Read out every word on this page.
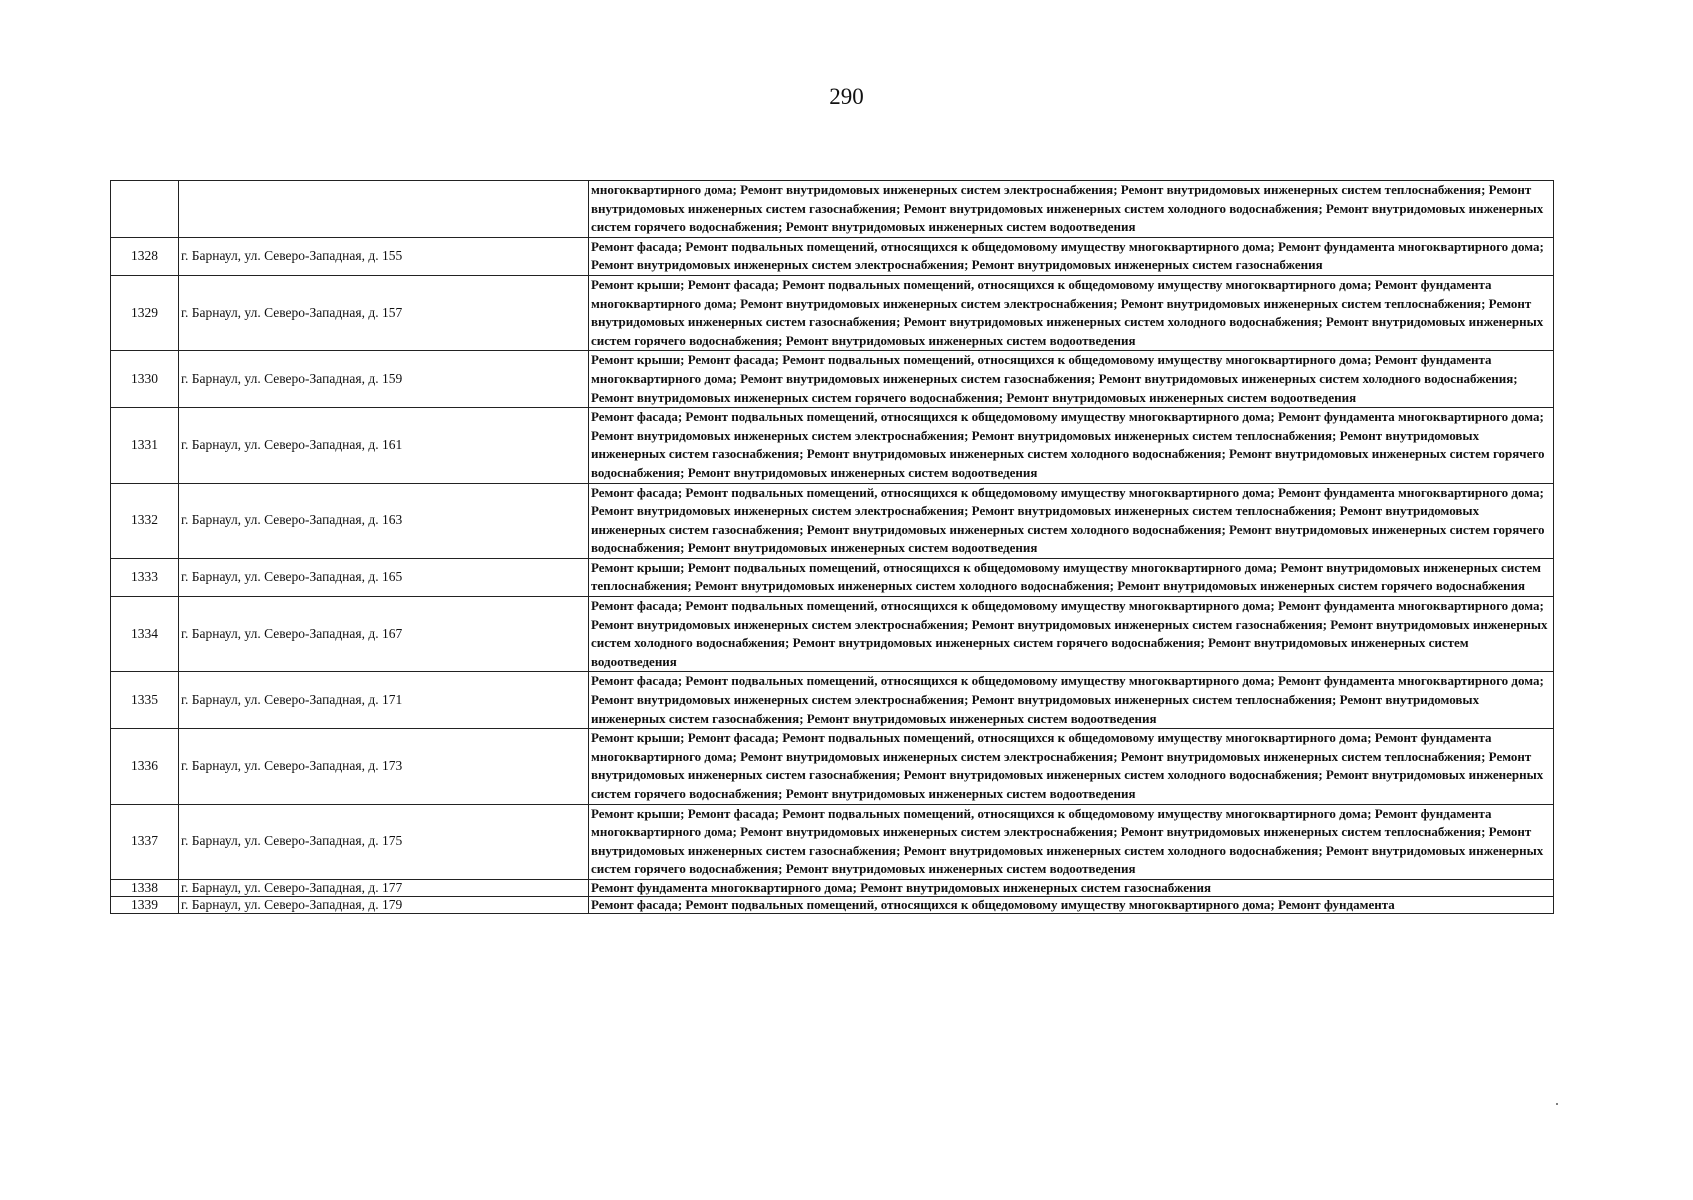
290
		многоквартирного дома; Ремонт внутридомовых инженерных систем электроснабжения; Ремонт внутридомовых инженерных систем теплоснабжения; Ремонт внутридомовых инженерных систем газоснабжения; Ремонт внутридомовых инженерных систем холодного водоснабжения; Ремонт внутридомовых инженерных систем горячего водоснабжения; Ремонт внутридомовых инженерных систем водоотведения
1328	г. Барнаул, ул. Северо-Западная, д. 155	Ремонт фасада; Ремонт подвальных помещений, относящихся к общедомовому имуществу многоквартирного дома; Ремонт фундамента многоквартирного дома; Ремонт внутридомовых инженерных систем электроснабжения; Ремонт внутридомовых инженерных систем газоснабжения
1329	г. Барнаул, ул. Северо-Западная, д. 157	Ремонт крыши; Ремонт фасада; Ремонт подвальных помещений, относящихся к общедомовому имуществу многоквартирного дома; Ремонт фундамента многоквартирного дома; Ремонт внутридомовых инженерных систем электроснабжения; Ремонт внутридомовых инженерных систем теплоснабжения; Ремонт внутридомовых инженерных систем газоснабжения; Ремонт внутридомовых инженерных систем холодного водоснабжения; Ремонт внутридомовых инженерных систем горячего водоснабжения; Ремонт внутридомовых инженерных систем водоотведения
1330	г. Барнаул, ул. Северо-Западная, д. 159	Ремонт крыши; Ремонт фасада; Ремонт подвальных помещений, относящихся к общедомовому имуществу многоквартирного дома; Ремонт фундамента многоквартирного дома; Ремонт внутридомовых инженерных систем газоснабжения; Ремонт внутридомовых инженерных систем холодного водоснабжения; Ремонт внутридомовых инженерных систем горячего водоснабжения; Ремонт внутридомовых инженерных систем водоотведения
1331	г. Барнаул, ул. Северо-Западная, д. 161	Ремонт фасада; Ремонт подвальных помещений, относящихся к общедомовому имуществу многоквартирного дома; Ремонт фундамента многоквартирного дома; Ремонт внутридомовых инженерных систем электроснабжения; Ремонт внутридомовых инженерных систем теплоснабжения; Ремонт внутридомовых инженерных систем газоснабжения; Ремонт внутридомовых инженерных систем холодного водоснабжения; Ремонт внутридомовых инженерных систем горячего водоснабжения; Ремонт внутридомовых инженерных систем водоотведения
1332	г. Барнаул, ул. Северо-Западная, д. 163	Ремонт фасада; Ремонт подвальных помещений, относящихся к общедомовому имуществу многоквартирного дома; Ремонт фундамента многоквартирного дома; Ремонт внутридомовых инженерных систем электроснабжения; Ремонт внутридомовых инженерных систем теплоснабжения; Ремонт внутридомовых инженерных систем газоснабжения; Ремонт внутридомовых инженерных систем холодного водоснабжения; Ремонт внутридомовых инженерных систем горячего водоснабжения; Ремонт внутридомовых инженерных систем водоотведения
1333	г. Барнаул, ул. Северо-Западная, д. 165	Ремонт крыши; Ремонт подвальных помещений, относящихся к общедомовому имуществу многоквартирного дома; Ремонт внутридомовых инженерных систем теплоснабжения; Ремонт внутридомовых инженерных систем холодного водоснабжения; Ремонт внутридомовых инженерных систем горячего водоснабжения
1334	г. Барнаул, ул. Северо-Западная, д. 167	Ремонт фасада; Ремонт подвальных помещений, относящихся к общедомовому имуществу многоквартирного дома; Ремонт фундамента многоквартирного дома; Ремонт внутридомовых инженерных систем электроснабжения; Ремонт внутридомовых инженерных систем газоснабжения; Ремонт внутридомовых инженерных систем холодного водоснабжения; Ремонт внутридомовых инженерных систем горячего водоснабжения; Ремонт внутридомовых инженерных систем водоотведения
1335	г. Барнаул, ул. Северо-Западная, д. 171	Ремонт фасада; Ремонт подвальных помещений, относящихся к общедомовому имуществу многоквартирного дома; Ремонт фундамента многоквартирного дома; Ремонт внутридомовых инженерных систем электроснабжения; Ремонт внутридомовых инженерных систем теплоснабжения; Ремонт внутридомовых инженерных систем газоснабжения; Ремонт внутридомовых инженерных систем водоотведения
1336	г. Барнаул, ул. Северо-Западная, д. 173	Ремонт крыши; Ремонт фасада; Ремонт подвальных помещений, относящихся к общедомовому имуществу многоквартирного дома; Ремонт фундамента многоквартирного дома; Ремонт внутридомовых инженерных систем электроснабжения; Ремонт внутридомовых инженерных систем теплоснабжения; Ремонт внутридомовых инженерных систем газоснабжения; Ремонт внутридомовых инженерных систем холодного водоснабжения; Ремонт внутридомовых инженерных систем горячего водоснабжения; Ремонт внутридомовых инженерных систем водоотведения
1337	г. Барнаул, ул. Северо-Западная, д. 175	Ремонт крыши; Ремонт фасада; Ремонт подвальных помещений, относящихся к общедомовому имуществу многоквартирного дома; Ремонт фундамента многоквартирного дома; Ремонт внутридомовых инженерных систем электроснабжения; Ремонт внутридомовых инженерных систем теплоснабжения; Ремонт внутридомовых инженерных систем газоснабжения; Ремонт внутридомовых инженерных систем холодного водоснабжения; Ремонт внутридомовых инженерных систем горячего водоснабжения; Ремонт внутридомовых инженерных систем водоотведения
1338	г. Барнаул, ул. Северо-Западная, д. 177	Ремонт фундамента многоквартирного дома; Ремонт внутридомовых инженерных систем газоснабжения
1339	г. Барнаул, ул. Северо-Западная, д. 179	Ремонт фасада; Ремонт подвальных помещений, относящихся к общедомовому имуществу многоквартирного дома; Ремонт фундамента
